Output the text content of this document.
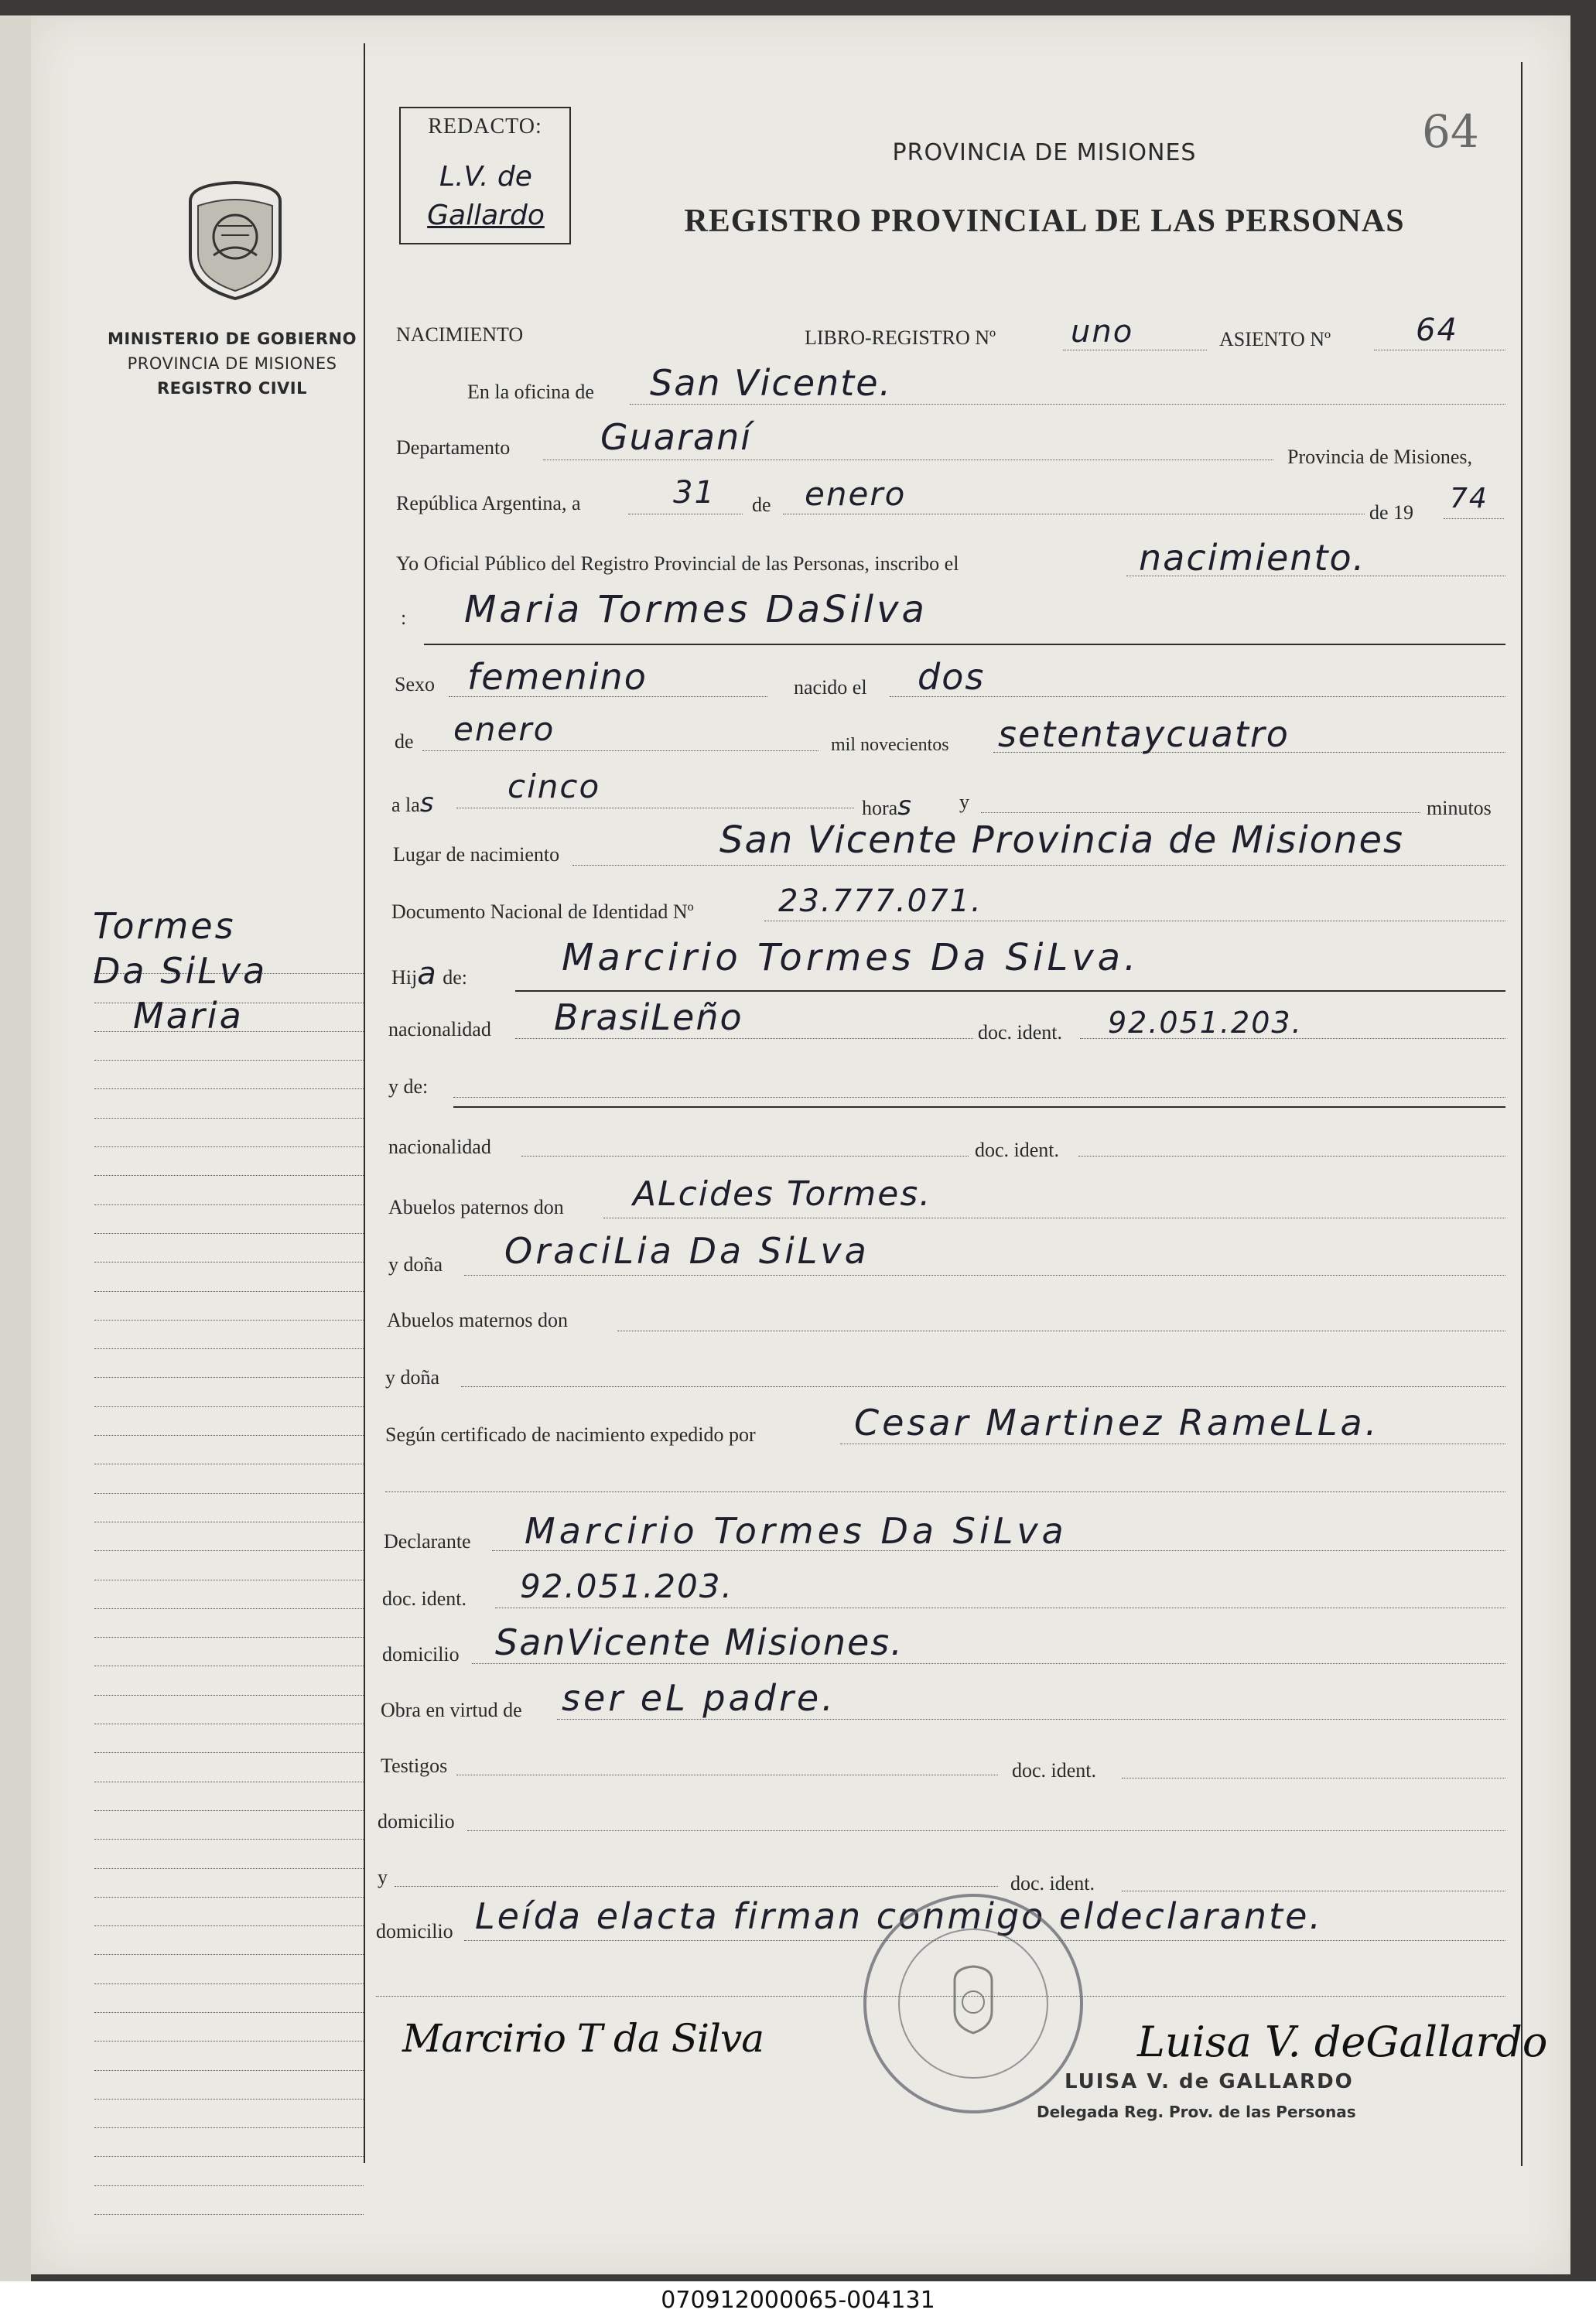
MINISTERIO DE GOBIERNO
PROVINCIA DE MISIONES
REGISTRO CIVIL
Tormes
Da SiLva
Maria
REDACTO:
L.V. de
Gallardo
64
PROVINCIA DE MISIONES
REGISTRO PROVINCIAL DE LAS PERSONAS
NACIMIENTO	LIBRO-REGISTRO Nº uno	ASIENTO Nº	64
En la oficina de San Vicente.
Departamento	Guaraní	Provincia de Misiones,
República Argentina, a	31 de enero	de 19 74
Yo Oficial Público del Registro Provincial de las Personas, inscribo el	nacimiento.
: Maria Tormes DaSilva
Sexo femenino	nacido el dos
de enero	mil novecientos setentaycuatro
a las cinco
horas y	minutos
Lugar de nacimiento	San Vicente Provincia de Misiones
Documento Nacional de Identidad Nº	23.777.071.
Hija de:	Marcirio Tormes Da SiLva.
nacionalidad BrasiLeño	doc. ident. 92.051.203.
y de:
nacionalidad	doc. ident.
Abuelos paternos don ALcides Tormes.
y doña OraciLia Da SiLva
Abuelos maternos don
y doña
Según certificado de nacimiento expedido por	Cesar Martinez RameLLa.
Declarante Marcirio Tormes Da SiLva
doc. ident. 92.051.203.
domicilio SanVicente Misiones.
Obra en virtud de ser eL padre.
Testigos	doc. ident.
domicilio
y	doc. ident.
domicilio Leída elacta firman conmigo eldeclarante.
Marcirio T da Silva	Luisa V. deGallardo
LUISA V. de GALLARDO
Delegada Reg. Prov. de las Personas
070912000065-004131
